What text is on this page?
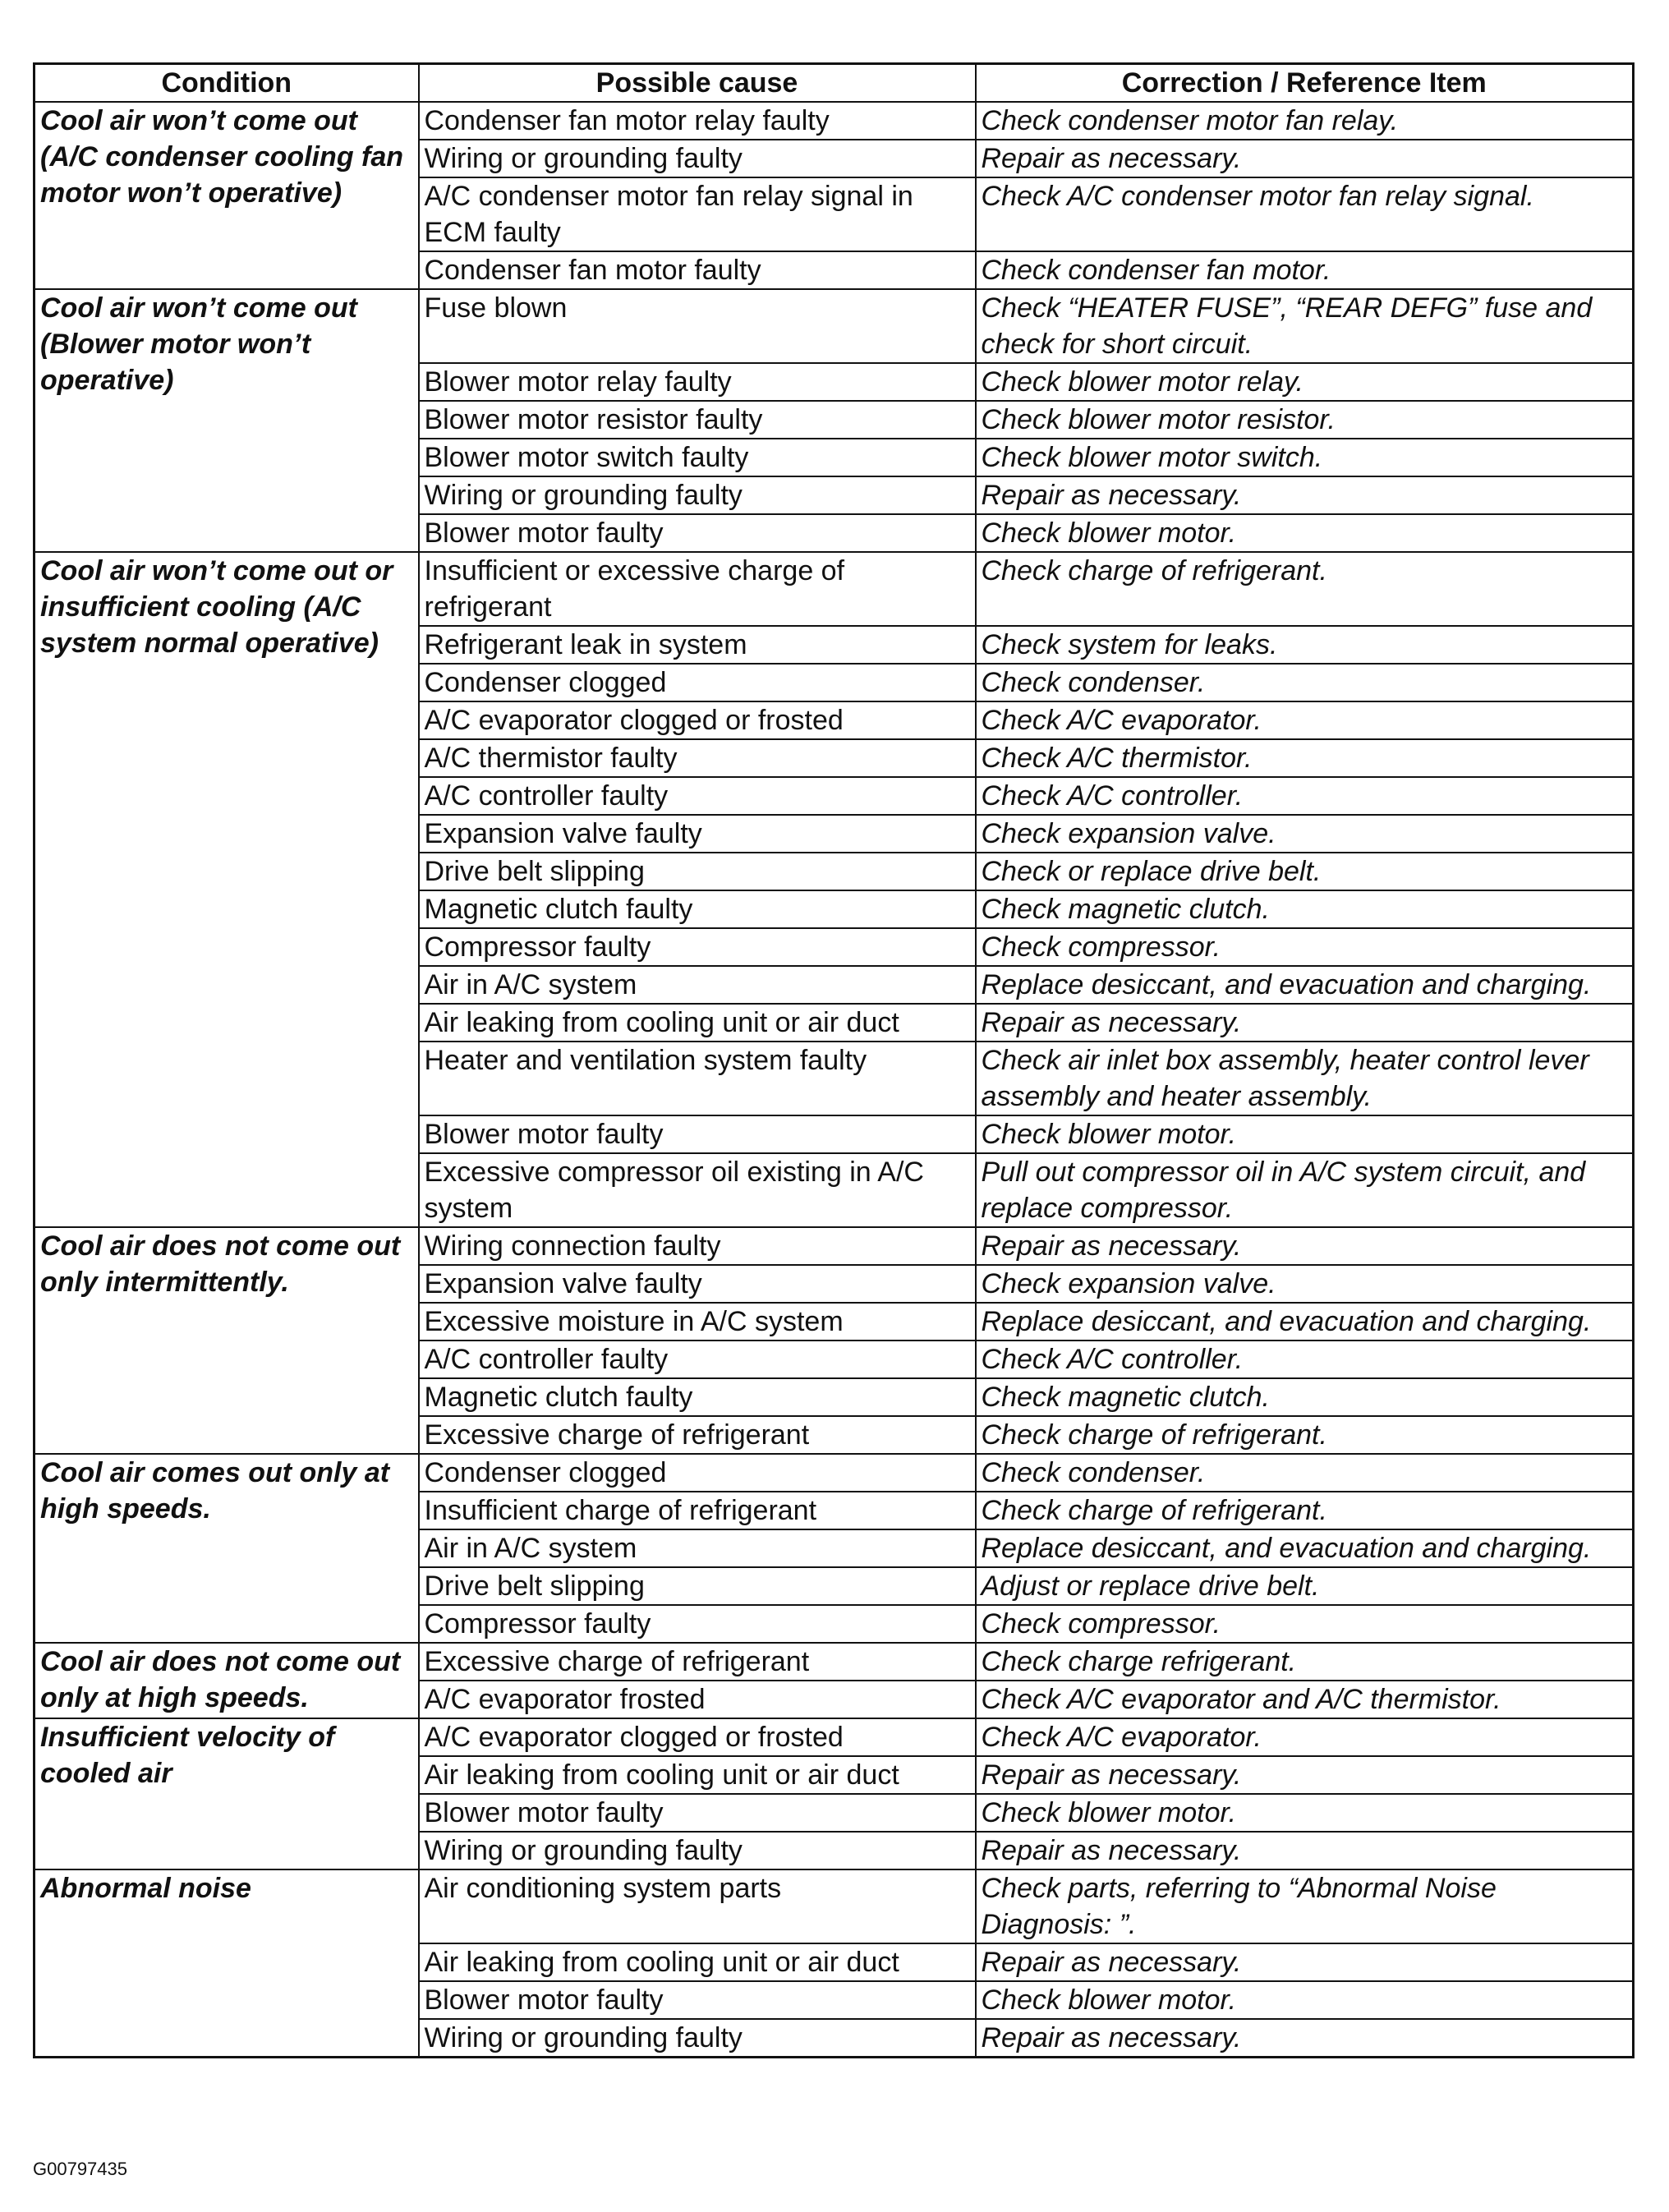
Condition	Possible cause	Correction / Reference Item
Cool air won’t come out (A/C condenser cooling fan motor won’t operative)	Condenser fan motor relay faulty	Check condenser motor fan relay.
	Wiring or grounding faulty	Repair as necessary.
	A/C condenser motor fan relay signal in ECM faulty	Check A/C condenser motor fan relay signal.
	Condenser fan motor faulty	Check condenser fan motor.
Cool air won’t come out (Blower motor won’t operative)	Fuse blown	Check “HEATER FUSE”, “REAR DEFG” fuse and check for short circuit.
	Blower motor relay faulty	Check blower motor relay.
	Blower motor resistor faulty	Check blower motor resistor.
	Blower motor switch faulty	Check blower motor switch.
	Wiring or grounding faulty	Repair as necessary.
	Blower motor faulty	Check blower motor.
Cool air won’t come out or insufficient cooling (A/C system normal operative)	Insufficient or excessive charge of refrigerant	Check charge of refrigerant.
	Refrigerant leak in system	Check system for leaks.
	Condenser clogged	Check condenser.
	A/C evaporator clogged or frosted	Check A/C evaporator.
	A/C thermistor faulty	Check A/C thermistor.
	A/C controller faulty	Check A/C controller.
	Expansion valve faulty	Check expansion valve.
	Drive belt slipping	Check or replace drive belt.
	Magnetic clutch faulty	Check magnetic clutch.
	Compressor faulty	Check compressor.
	Air in A/C system	Replace desiccant, and evacuation and charging.
	Air leaking from cooling unit or air duct	Repair as necessary.
	Heater and ventilation system faulty	Check air inlet box assembly, heater control lever assembly and heater assembly.
	Blower motor faulty	Check blower motor.
	Excessive compressor oil existing in A/C system	Pull out compressor oil in A/C system circuit, and replace compressor.
Cool air does not come out only intermittently.	Wiring connection faulty	Repair as necessary.
	Expansion valve faulty	Check expansion valve.
	Excessive moisture in A/C system	Replace desiccant, and evacuation and charging.
	A/C controller faulty	Check A/C controller.
	Magnetic clutch faulty	Check magnetic clutch.
	Excessive charge of refrigerant	Check charge of refrigerant.
Cool air comes out only at high speeds.	Condenser clogged	Check condenser.
	Insufficient charge of refrigerant	Check charge of refrigerant.
	Air in A/C system	Replace desiccant, and evacuation and charging.
	Drive belt slipping	Adjust or replace drive belt.
	Compressor faulty	Check compressor.
Cool air does not come out only at high speeds.	Excessive charge of refrigerant	Check charge refrigerant.
	A/C evaporator frosted	Check A/C evaporator and A/C thermistor.
Insufficient velocity of cooled air	A/C evaporator clogged or frosted	Check A/C evaporator.
	Air leaking from cooling unit or air duct	Repair as necessary.
	Blower motor faulty	Check blower motor.
	Wiring or grounding faulty	Repair as necessary.
Abnormal noise	Air conditioning system parts	Check parts, referring to “Abnormal Noise Diagnosis: ”.
	Air leaking from cooling unit or air duct	Repair as necessary.
	Blower motor faulty	Check blower motor.
	Wiring or grounding faulty	Repair as necessary.
G00797435
